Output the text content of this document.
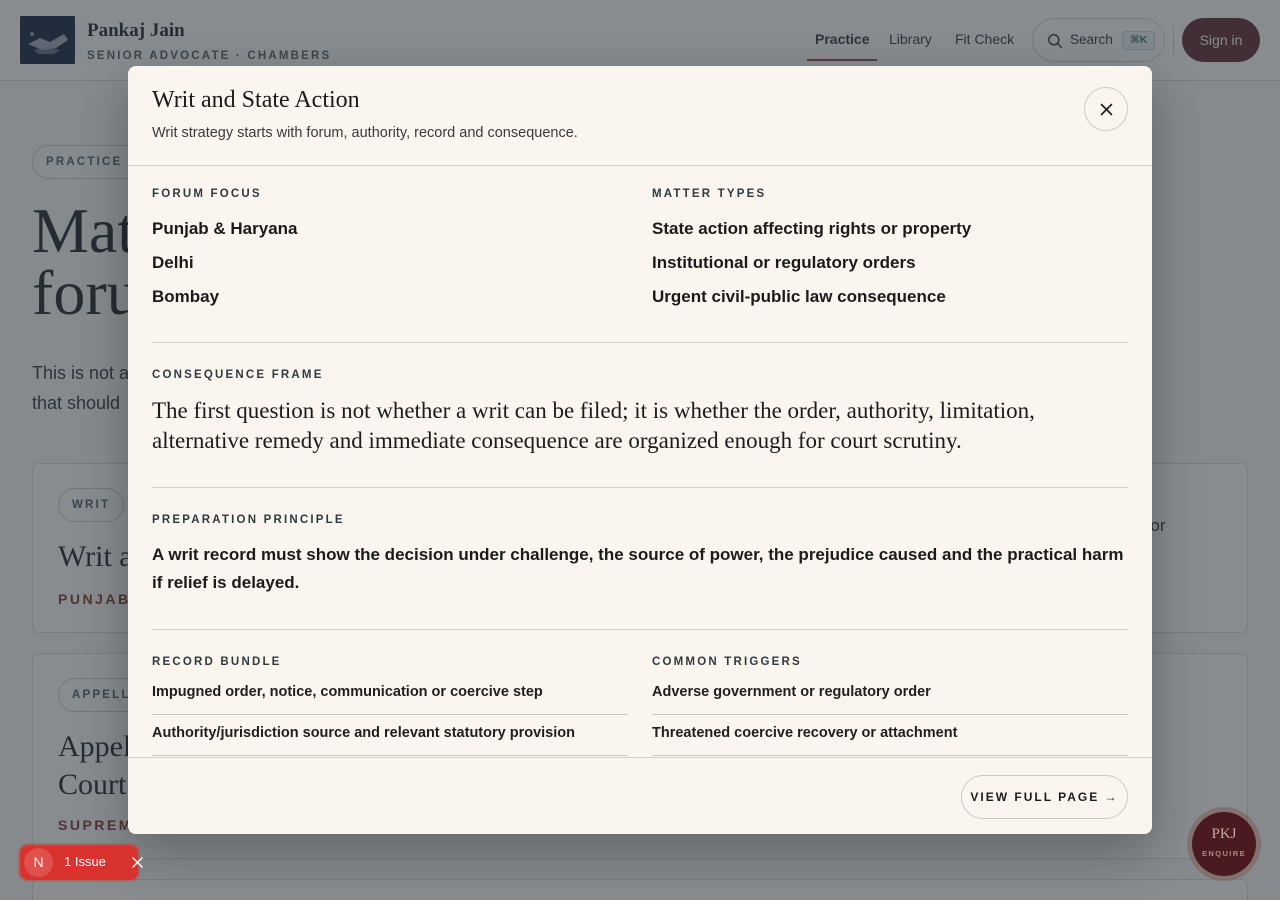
Writ and State Action
Writ strategy starts with forum, authority, record and consequence.
FORUM FOCUS
Punjab & Haryana
Delhi
Bombay
MATTER TYPES
State action affecting rights or property
Institutional or regulatory orders
Urgent civil-public law consequence
CONSEQUENCE FRAME
The first question is not whether a writ can be filed; it is whether the order, authority, limitation, alternative remedy and immediate consequence are organized enough for court scrutiny.
PREPARATION PRINCIPLE
A writ record must show the decision under challenge, the source of power, the prejudice caused and the practical harm if relief is delayed.
RECORD BUNDLE
Impugned order, notice, communication or coercive step
Authority/jurisdiction source and relevant statutory provision
COMMON TRIGGERS
Adverse government or regulatory order
Threatened coercive recovery or attachment
VIEW FULL PAGE →
N	1 Issue
PKJ
ENQUIRE
